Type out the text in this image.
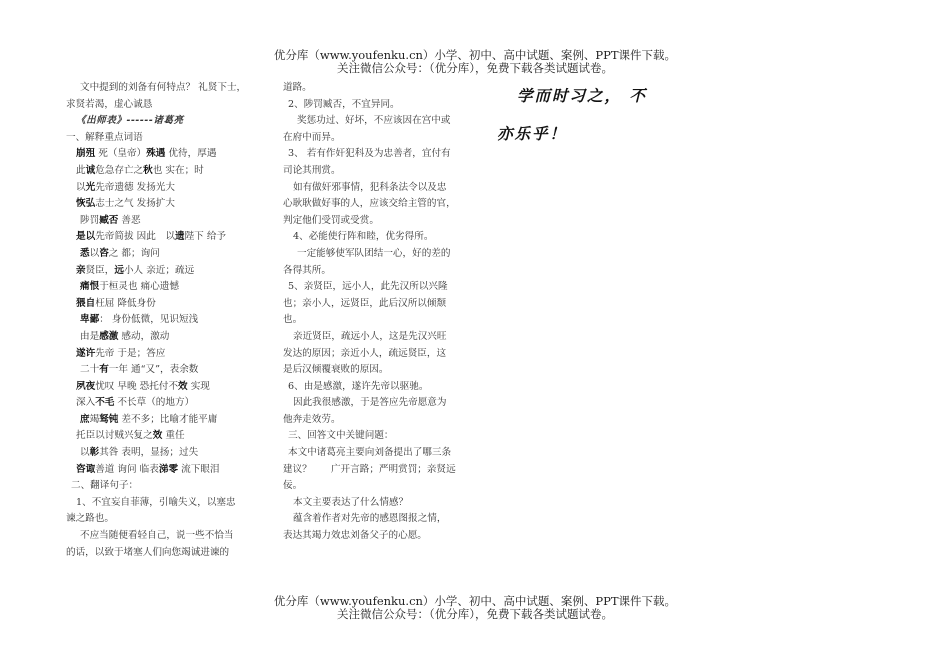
优分库（www.youfenku.cn）小学、初中、高中试题、案例、PPT课件下载。
关注微信公众号：（优分库），免费下载各类试题试卷。
文中提到的刘备有何特点？ 礼贤下士，
求贤若渴，虚心诚恳
《出师表》------诸葛亮
一、解释重点词语
崩殂 死（皇帝）殊遇 优待，厚遇
此诚危急存亡之秋也 实在；时
以光先帝遗德 发扬光大
恢弘志士之气 发扬扩大
陟罚臧否 善恶
是以先帝简拔 因此　以遗陛下 给予
悉以咨之 都；询问
亲贤臣，远小人 亲近；疏远
痛恨于桓灵也 痛心遗憾
猥自枉屈 降低身份
卑鄙： 身份低微，见识短浅
由是感激 感动，激动
遂许先帝 于是；答应
二十有一年 通“又”，表余数
夙夜忧叹 早晚 恐托付不效 实现
深入不毛 不长草（的地方）
庶竭驽钝 差不多；比喻才能平庸
托臣以讨贼兴复之效 重任
以彰其咎 表明，显扬；过失
咨诹善道 询问 临表涕零 流下眼泪
二、翻译句子：
1、不宜妄自菲薄，引喻失义，以塞忠
谏之路也。
不应当随便看轻自己，说一些不恰当
的话，以致于堵塞人们向您竭诚进谏的
道路。
2、陟罚臧否，不宜异同。
奖惩功过、好坏，不应该因在宫中或
在府中而异。
3、 若有作奸犯科及为忠善者，宜付有
司论其刑赏。
如有做奸邪事情，犯科条法令以及忠
心耿耿做好事的人，应该交给主管的官，
判定他们受罚或受赏。
4、必能使行阵和睦，优劣得所。
一定能够使军队团结一心，好的差的
各得其所。
5、亲贤臣，远小人，此先汉所以兴隆
也；亲小人，远贤臣，此后汉所以倾颓
也。
亲近贤臣，疏远小人，这是先汉兴旺
发达的原因；亲近小人，疏远贤臣，这
是后汉倾覆衰败的原因。
6、由是感激，遂许先帝以驱驰。
因此我很感激，于是答应先帝愿意为
他奔走效劳。
三、回答文中关键问题：
本文中诸葛亮主要向刘备提出了哪三条
建议？　　广开言路；严明赏罚；亲贤远
佞。
本文主要表达了什么情感？
蕴含着作者对先帝的感恩图报之情，
表达其竭力效忠刘备父子的心愿。
学而时习之， 不
亦乐乎！
优分库（www.youfenku.cn）小学、初中、高中试题、案例、PPT课件下载。
关注微信公众号：（优分库），免费下载各类试题试卷。
